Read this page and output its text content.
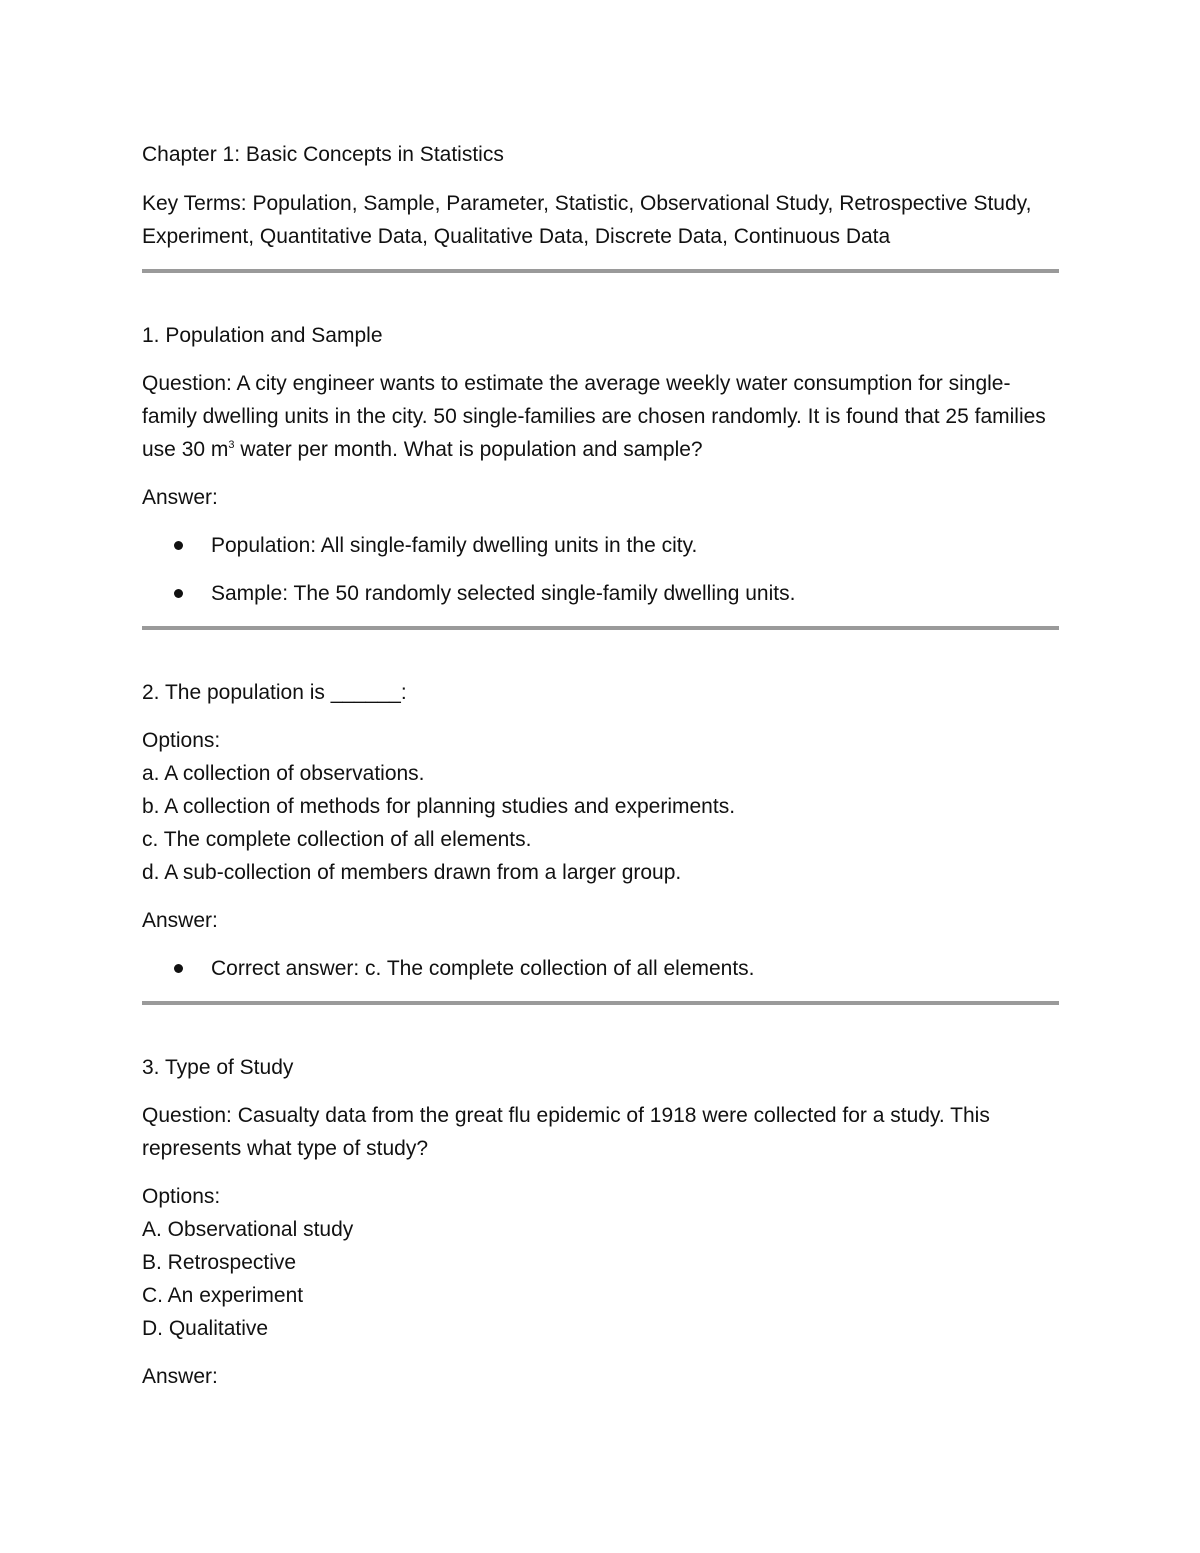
Chapter 1: Basic Concepts in Statistics
Key Terms: Population, Sample, Parameter, Statistic, Observational Study, Retrospective Study, Experiment, Quantitative Data, Qualitative Data, Discrete Data, Continuous Data
1. Population and Sample
Question: A city engineer wants to estimate the average weekly water consumption for single-family dwelling units in the city. 50 single-families are chosen randomly. It is found that 25 families use 30 $m^3$ water per month. What is population and sample?
Answer:
Population: All single-family dwelling units in the city.
Sample: The 50 randomly selected single-family dwelling units.
2. The population is ______:
Options:
a. A collection of observations.
b. A collection of methods for planning studies and experiments.
c. The complete collection of all elements.
d. A sub-collection of members drawn from a larger group.
Answer:
Correct answer: c. The complete collection of all elements.
3. Type of Study
Question: Casualty data from the great flu epidemic of 1918 were collected for a study. This represents what type of study?
Options:
A. Observational study
B. Retrospective
C. An experiment
D. Qualitative
Answer:
